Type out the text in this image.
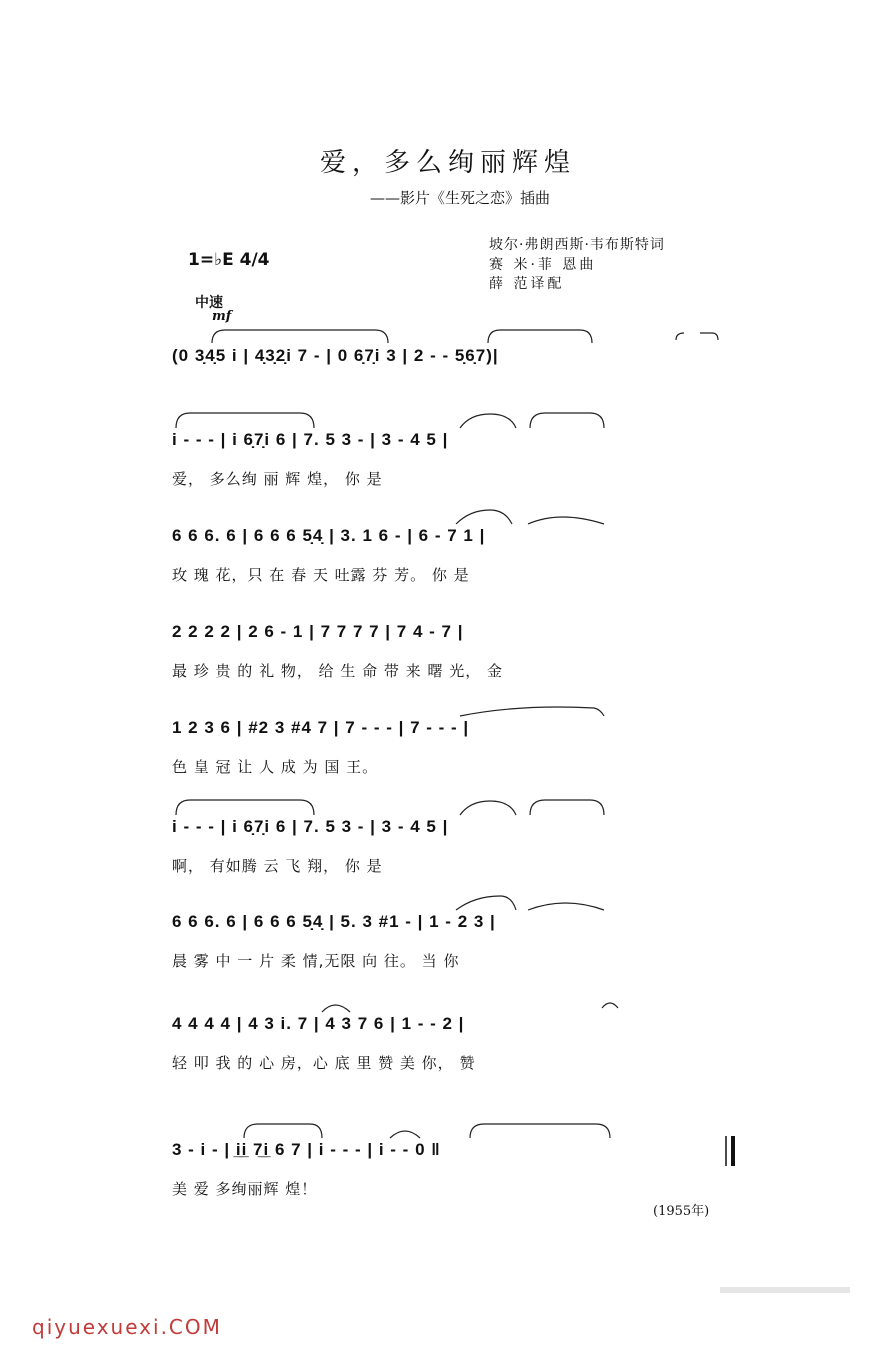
爱，多么绚丽辉煌
——影片《生死之恋》插曲
坡尔·弗朗西斯·韦布斯特词
赛 米·菲 恩曲
薛 范译配
1=♭E 4/4
中速
mf
(0 3̣4̣5 i | 4̣3̣2̣i 7 - | 0 6̣7̣i 3 | 2 - - 5̣6̣7)|
i - - - | i 6̣7̣i 6 | 7. 5 3 - | 3 - 4 5 |
爱， 多么绚 丽 辉 煌， 你 是
6 6 6. 6 | 6 6 6 5̣4̣ | 3. 1 6 - | 6 - 7 1 |
玫 瑰 花，只 在 春 天 吐露 芬 芳。 你 是
2 2 2 2 | 2 6 - 1 | 7 7 7 7 | 7 4 - 7 |
最 珍 贵 的 礼 物， 给 生 命 带 来 曙 光， 金
1 2 3 6 | #2 3 #4 7 | 7 - - - | 7 - - - |
色 皇 冠 让 人 成 为 国 王。
i - - - | i 6̣7̣i 6 | 7. 5 3 - | 3 - 4 5 |
啊， 有如腾 云 飞 翔， 你 是
6 6 6. 6 | 6 6 6 5̣4̣ | 5. 3 #1 - | 1 - 2 3 |
晨 雾 中 一 片 柔 情,无限 向 往。 当 你
4 4 4 4 | 4 3 i. 7 | 4 3 7 6 | 1 - - 2 |
轻 叩 我 的 心 房，心 底 里 赞 美 你， 赞
3 - i - | i̲i̲ 7̲i̲ 6 7 | i - - - | i - - 0 ‖
美 爱 多绚丽辉 煌！
(1955年)
qiyuexuexi.COM
